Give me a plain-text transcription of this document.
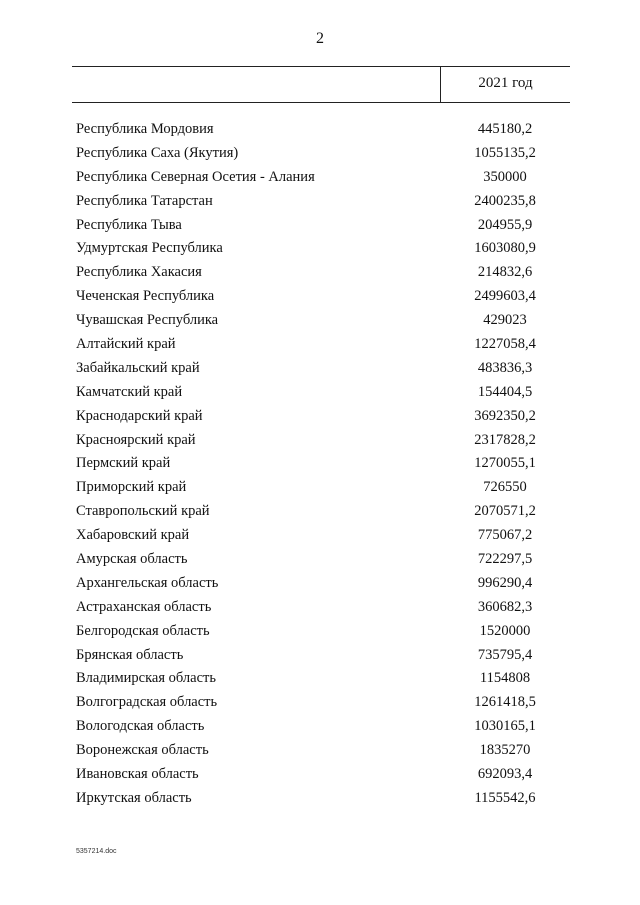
2
2021 год
Республика Мордовия	445180,2
Республика Саха (Якутия)	1055135,2
Республика Северная Осетия - Алания	350000
Республика Татарстан	2400235,8
Республика Тыва	204955,9
Удмуртская Республика	1603080,9
Республика Хакасия	214832,6
Чеченская Республика	2499603,4
Чувашская Республика	429023
Алтайский край	1227058,4
Забайкальский край	483836,3
Камчатский край	154404,5
Краснодарский край	3692350,2
Красноярский край	2317828,2
Пермский край	1270055,1
Приморский край	726550
Ставропольский край	2070571,2
Хабаровский край	775067,2
Амурская область	722297,5
Архангельская область	996290,4
Астраханская область	360682,3
Белгородская область	1520000
Брянская область	735795,4
Владимирская область	1154808
Волгоградская область	1261418,5
Вологодская область	1030165,1
Воронежская область	1835270
Ивановская область	692093,4
Иркутская область	1155542,6
5357214.doc
